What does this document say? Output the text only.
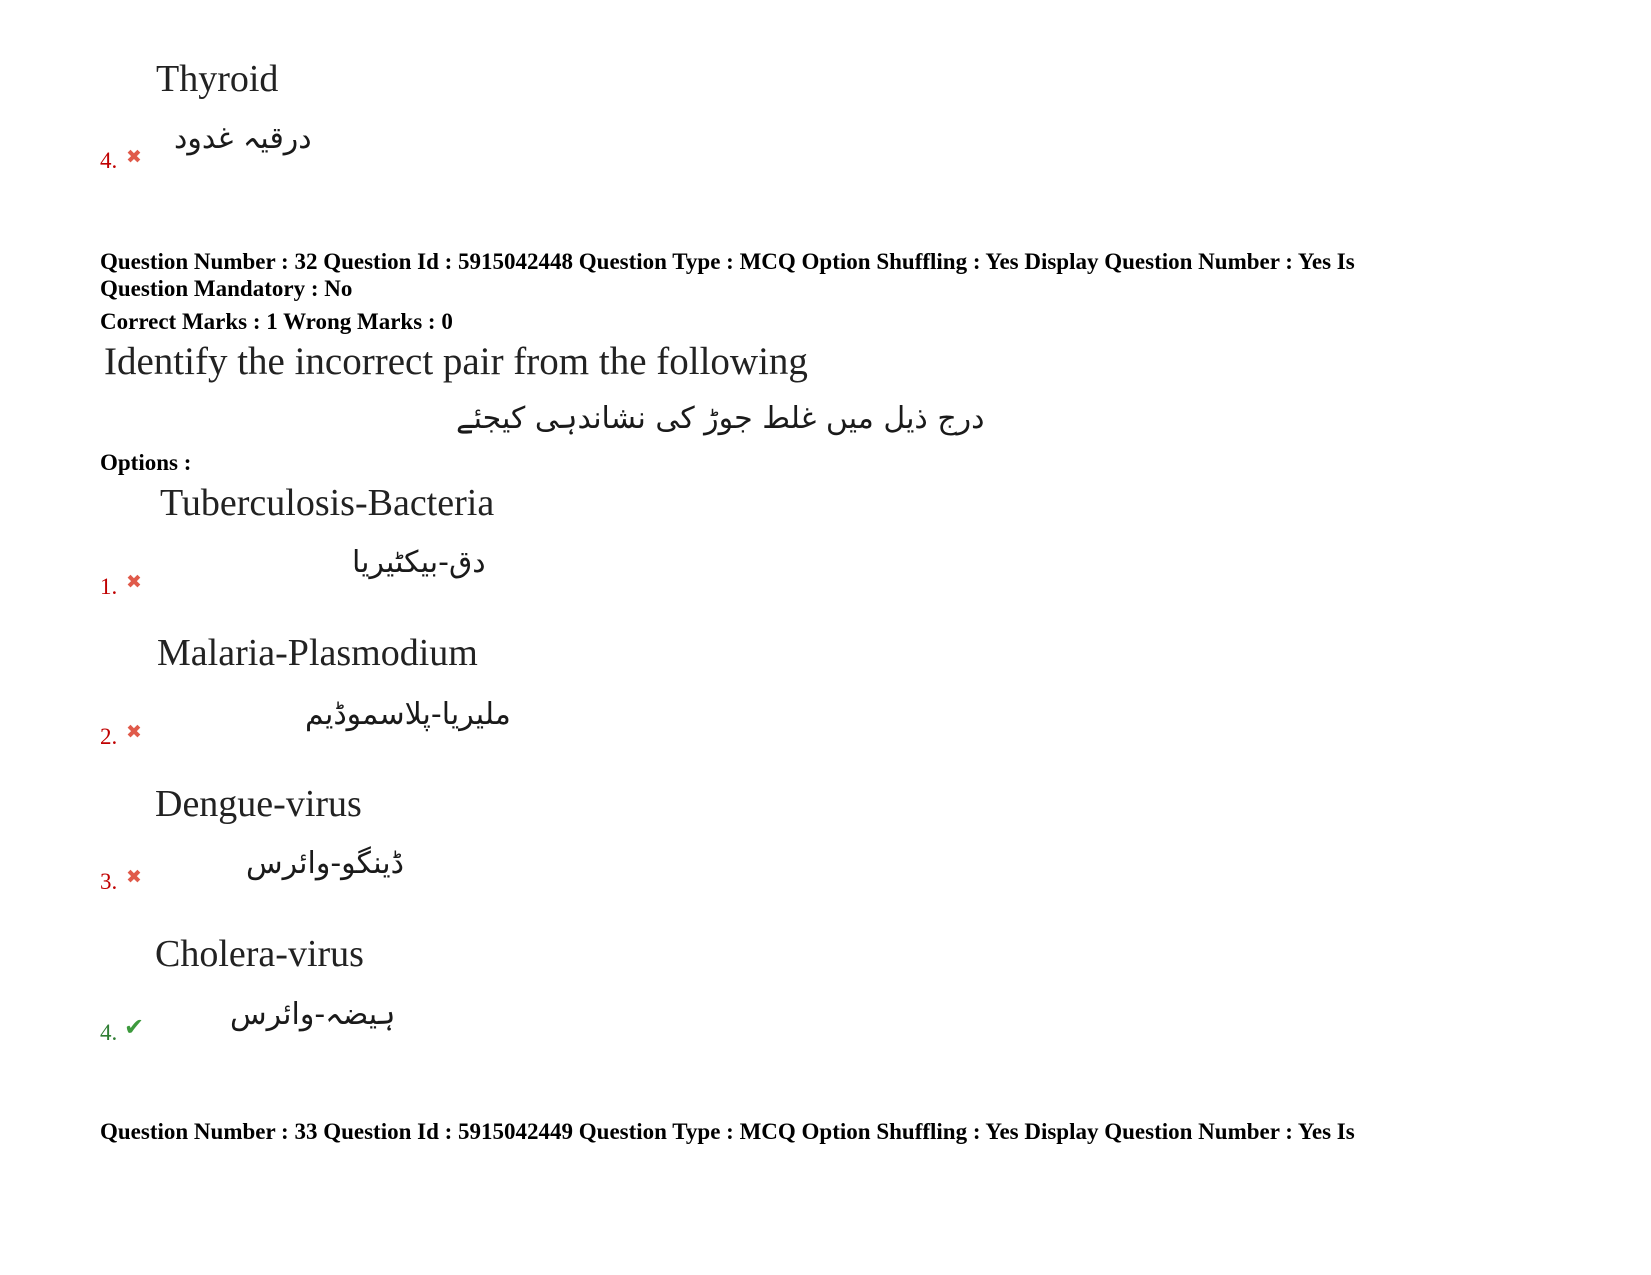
Thyroid
درقیہ غدود
4. ✖
Question Number : 32 Question Id : 5915042448 Question Type : MCQ Option Shuffling : Yes Display Question Number : Yes Is
Question Mandatory : No
Correct Marks : 1 Wrong Marks : 0
Identify the incorrect pair from the following
درج ذیل میں غلط جوڑ کی نشاندہی کیجئے
Options :
Tuberculosis-Bacteria
دق-بیکٹیریا
1. ✖
Malaria-Plasmodium
ملیریا-پلاسموڈیم
2. ✖
Dengue-virus
ڈینگو-وائرس
3. ✖
Cholera-virus
ہیضہ-وائرس
4. ✔
Question Number : 33 Question Id : 5915042449 Question Type : MCQ Option Shuffling : Yes Display Question Number : Yes Is
